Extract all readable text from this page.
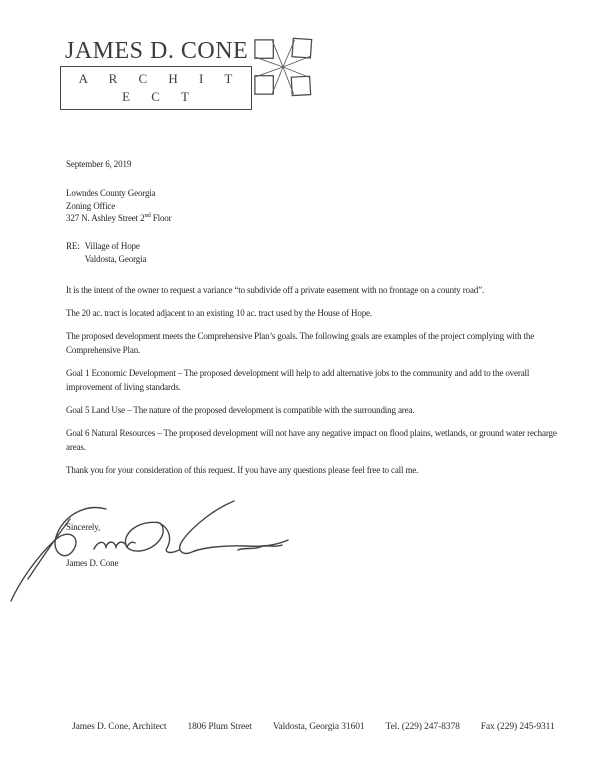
JAMES D. CONE
A R C H I T E C T
September 6, 2019
Lowndes County Georgia
Zoning Office
327 N. Ashley Street 2nd Floor
RE: Village of Hope
Valdosta, Georgia

It is the intent of the owner to request a variance “to subdivide off a private easement with no frontage on a county road”.

The 20 ac. tract is located adjacent to an existing 10 ac. tract used by the House of Hope.

The proposed development meets the Comprehensive Plan’s goals. The following goals are examples of the project complying with the Comprehensive Plan.

Goal 1 Economic Development – The proposed development will help to add alternative jobs to the community and add to the overall improvement of living standards.

Goal 5 Land Use – The nature of the proposed development is compatible with the surrounding area.

Goal 6 Natural Resources – The proposed development will not have any negative impact on flood plains, wetlands, or ground water recharge areas.

Thank you for your consideration of this request. If you have any questions please feel free to call me.

Sincerely,
James D. Cone
James D. Cone, Architect 1806 Plum Street Valdosta, Georgia 31601 Tel. (229) 247-8378 Fax (229) 245-9311
